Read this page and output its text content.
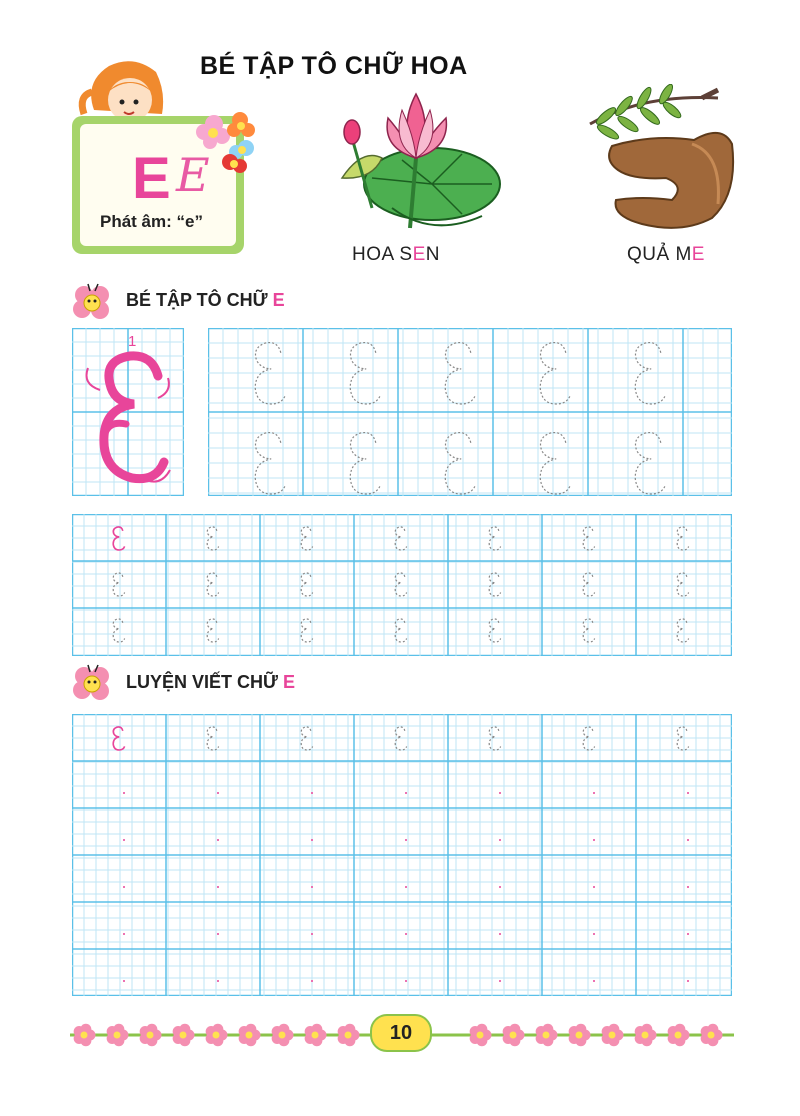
BÉ TẬP TÔ CHỮ HOA
E E
Phát âm: “e”
HOA SEN	QUẢ ME
BÉ TẬP TÔ CHỮ E
1
LUYỆN VIẾT CHỮ E
10
